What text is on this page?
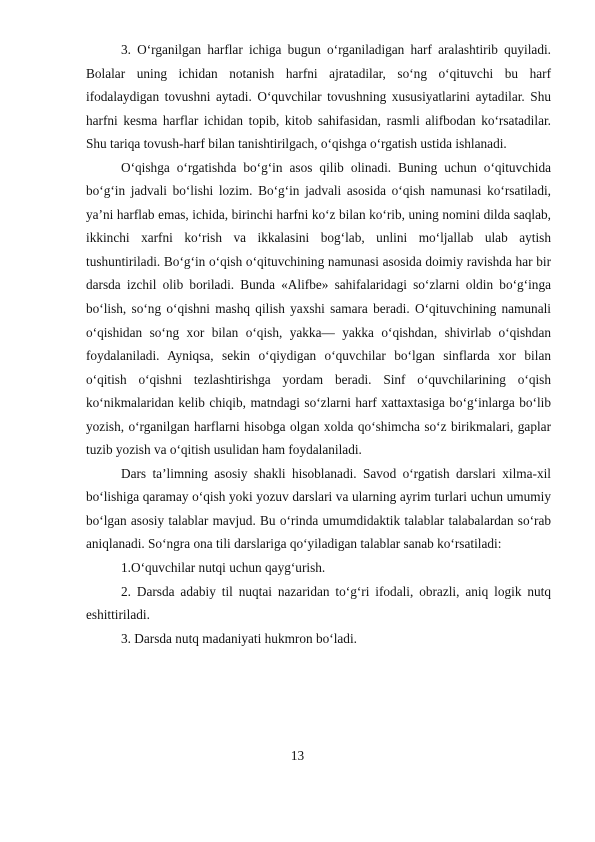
3. O‘rganilgan harflar ichiga bugun o‘rganiladigan harf aralashtirib quyiladi. Bolalar uning ichidan notanish harfni ajratadilar, so‘ng o‘qituvchi bu harf ifodalaydigan tovushni aytadi. O‘quvchilar tovushning xususiyatlarini aytadilar. Shu harfni kesma harflar ichidan topib, kitob sahifasidan, rasmli alifbodan ko‘rsatadilar. Shu tariqa tovush-harf bilan tanishtirilgach, o‘qishga o‘rgatish ustida ishlanadi.

O‘qishga o‘rgatishda bo‘g‘in asos qilib olinadi. Buning uchun o‘qituvchida bo‘g‘in jadvali bo‘lishi lozim. Bo‘g‘in jadvali asosida o‘qish namunasi ko‘rsatiladi, ya’ni harflab emas, ichida, birinchi harfni ko‘z bilan ko‘rib, uning nomini dilda saqlab, ikkinchi xarfni ko‘rish va ikkalasini bog‘lab, unlini mo‘ljallab ulab aytish tushuntiriladi. Bo‘g‘in o‘qish o‘qituvchining namunasi asosida doimiy ravishda har bir darsda izchil olib boriladi. Bunda «Alifbe» sahifalaridagi so‘zlarni oldin bo‘g‘inga bo‘lish, so‘ng o‘qishni mashq qilish yaxshi samara beradi. O‘qituvchining namunali o‘qishidan so‘ng xor bilan o‘qish, yakka— yakka o‘qishdan, shivirlab o‘qishdan foydalaniladi. Ayniqsa, sekin o‘qiydigan o‘quvchilar bo‘lgan sinflarda xor bilan o‘qitish o‘qishni tezlashtirishga yordam beradi. Sinf o‘quvchilarining o‘qish ko‘nikmalaridan kelib chiqib, matndagi so‘zlarni harf xattaxtasiga bo‘g‘inlarga bo‘lib yozish, o‘rganilgan harflarni hisobga olgan xolda qo‘shimcha so‘z birikmalari, gaplar tuzib yozish va o‘qitish usulidan ham foydalaniladi.

Dars ta’limning asosiy shakli hisoblanadi. Savod o‘rgatish darslari xilma-xil bo‘lishiga qaramay o‘qish yoki yozuv darslari va ularning ayrim turlari uchun umumiy bo‘lgan asosiy talablar mavjud. Bu o‘rinda umumdidaktik talablar talabalardan so‘rab aniqlanadi. So‘ngra ona tili darslariga qo‘yiladigan talablar sanab ko‘rsatiladi:

1.O‘quvchilar nutqi uchun qayg‘urish.

2. Darsda adabiy til nuqtai nazaridan to‘g‘ri ifodali, obrazli, aniq logik nutq eshittiriladi.

3. Darsda nutq madaniyati hukmron bo‘ladi.

13
